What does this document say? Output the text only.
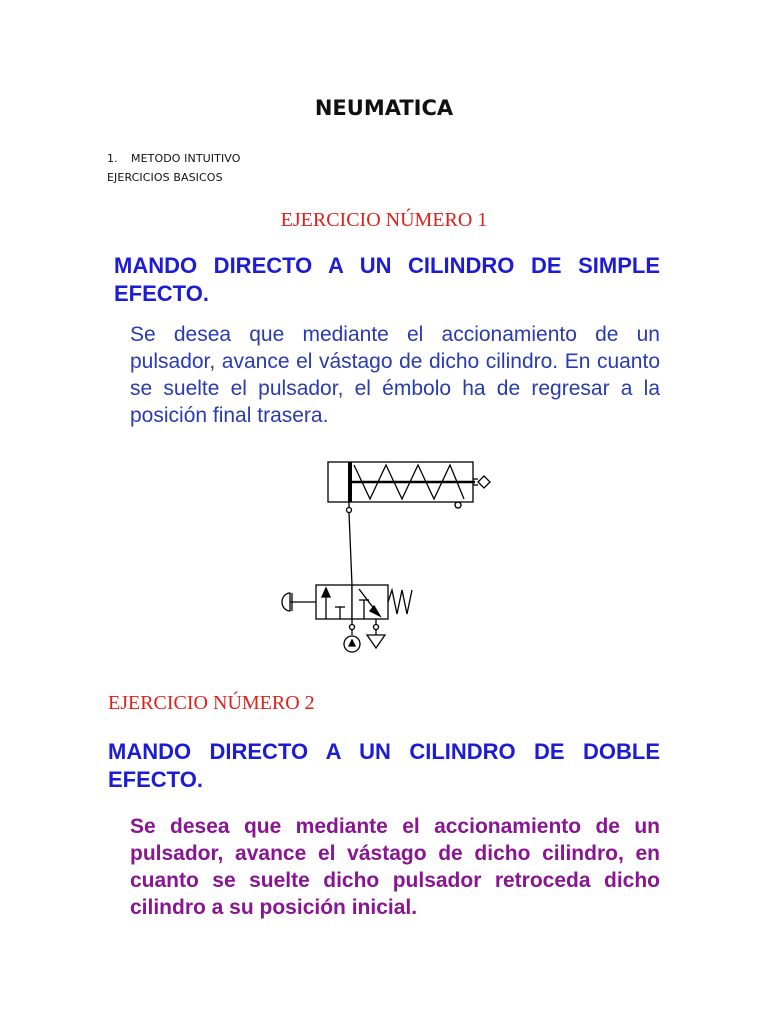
NEUMATICA
1. METODO INTUITIVO
EJERCICIOS BASICOS
EJERCICIO NÚMERO 1

MANDO DIRECTO A UN CILINDRO DE SIMPLE EFECTO.

Se desea que mediante el accionamiento de un pulsador, avance el vástago de dicho cilindro. En cuanto se suelte el pulsador, el émbolo ha de regresar a la posición final trasera.

EJERCICIO NÚMERO 2

MANDO DIRECTO A UN CILINDRO DE DOBLE EFECTO.

Se desea que mediante el accionamiento de un pulsador, avance el vástago de dicho cilindro, en cuanto se suelte dicho pulsador retroceda dicho cilindro a su posición inicial.
